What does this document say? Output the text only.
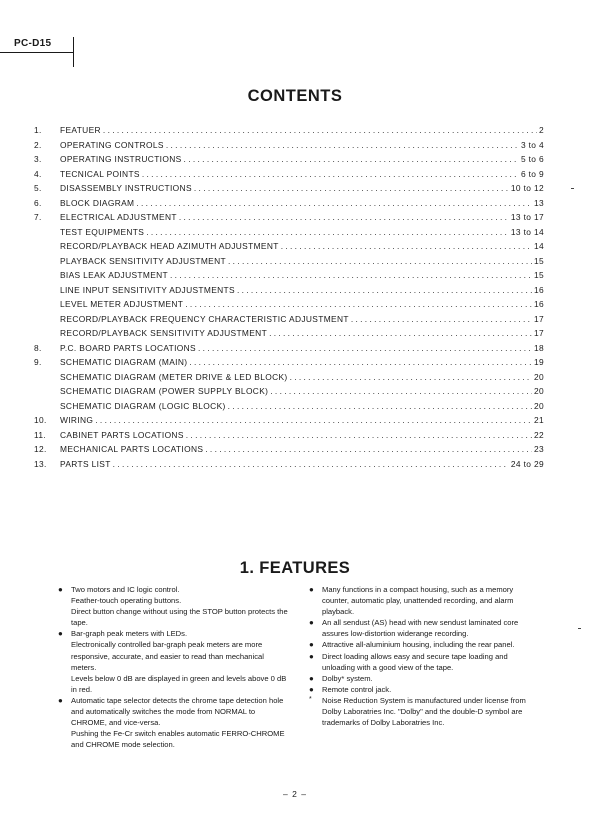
PC-D15
CONTENTS
1.	FEATUER . . .	2
2.	OPERATING CONTROLS . . .	3 to 4
3.	OPERATING INSTRUCTIONS . . .	5 to 6
4.	TECNICAL POINTS . . .	6 to 9
5.	DISASSEMBLY INSTRUCTIONS . . .	10 to 12
6.	BLOCK DIAGRAM . . .	13
7.	ELECTRICAL ADJUSTMENT . . .	13 to 17
TEST EQUIPMENTS . . .	13 to 14
RECORD/PLAYBACK HEAD AZIMUTH ADJUSTMENT . . .	14
PLAYBACK SENSITIVITY ADJUSTMENT . . .	15
BIAS LEAK ADJUSTMENT . . .	15
LINE INPUT SENSITIVITY ADJUSTMENTS . . .	16
LEVEL METER ADJUSTMENT . . .	16
RECORD/PLAYBACK FREQUENCY CHARACTERISTIC ADJUSTMENT . . .	17
RECORD/PLAYBACK SENSITIVITY ADJUSTMENT . . .	17
8.	P.C. BOARD PARTS LOCATIONS . . .	18
9.	SCHEMATIC DIAGRAM (MAIN) . . .	19
SCHEMATIC DIAGRAM (METER DRIVE & LED BLOCK) . . .	20
SCHEMATIC DIAGRAM (POWER SUPPLY BLOCK) . . .	20
SCHEMATIC DIAGRAM (LOGIC BLOCK) . . .	20
10.	WIRING . . .	21
11.	CABINET PARTS LOCATIONS . . .	22
12.	MECHANICAL PARTS LOCATIONS . . .	23
13.	PARTS LIST . . .	24 to 29
1. FEATURES
●	Two motors and IC logic control.

Feather-touch operating buttons.

Direct button change without using the STOP button protects the tape.

●	Bar-graph peak meters with LEDs.

Electronically controlled bar-graph peak meters are more responsive, accurate, and easier to read than mechanical meters.

Levels below 0 dB are displayed in green and levels above 0 dB in red.

●	Automatic tape selector detects the chrome tape detection hole and automatically switches the mode from NORMAL to CHROME, and vice-versa.

Pushing the Fe-Cr switch enables automatic FERRO-CHROME and CHROME mode selection.

●	Many functions in a compact housing, such as a memory counter, automatic play, unattended recording, and alarm playback.

●	An all sendust (AS) head with new sendust laminated core assures low-distortion widerange recording.

●	Attractive all-aluminium housing, including the rear panel.

●	Direct loading allows easy and secure tape loading and unloading with a good view of the tape.

●	Dolby* system.

●	Remote control jack.

*	Noise Reduction System is manufactured under license from Dolby Laboratries Inc. "Dolby" and the double-D symbol are trademarks of Dolby Laboratries Inc.

– 2 –
